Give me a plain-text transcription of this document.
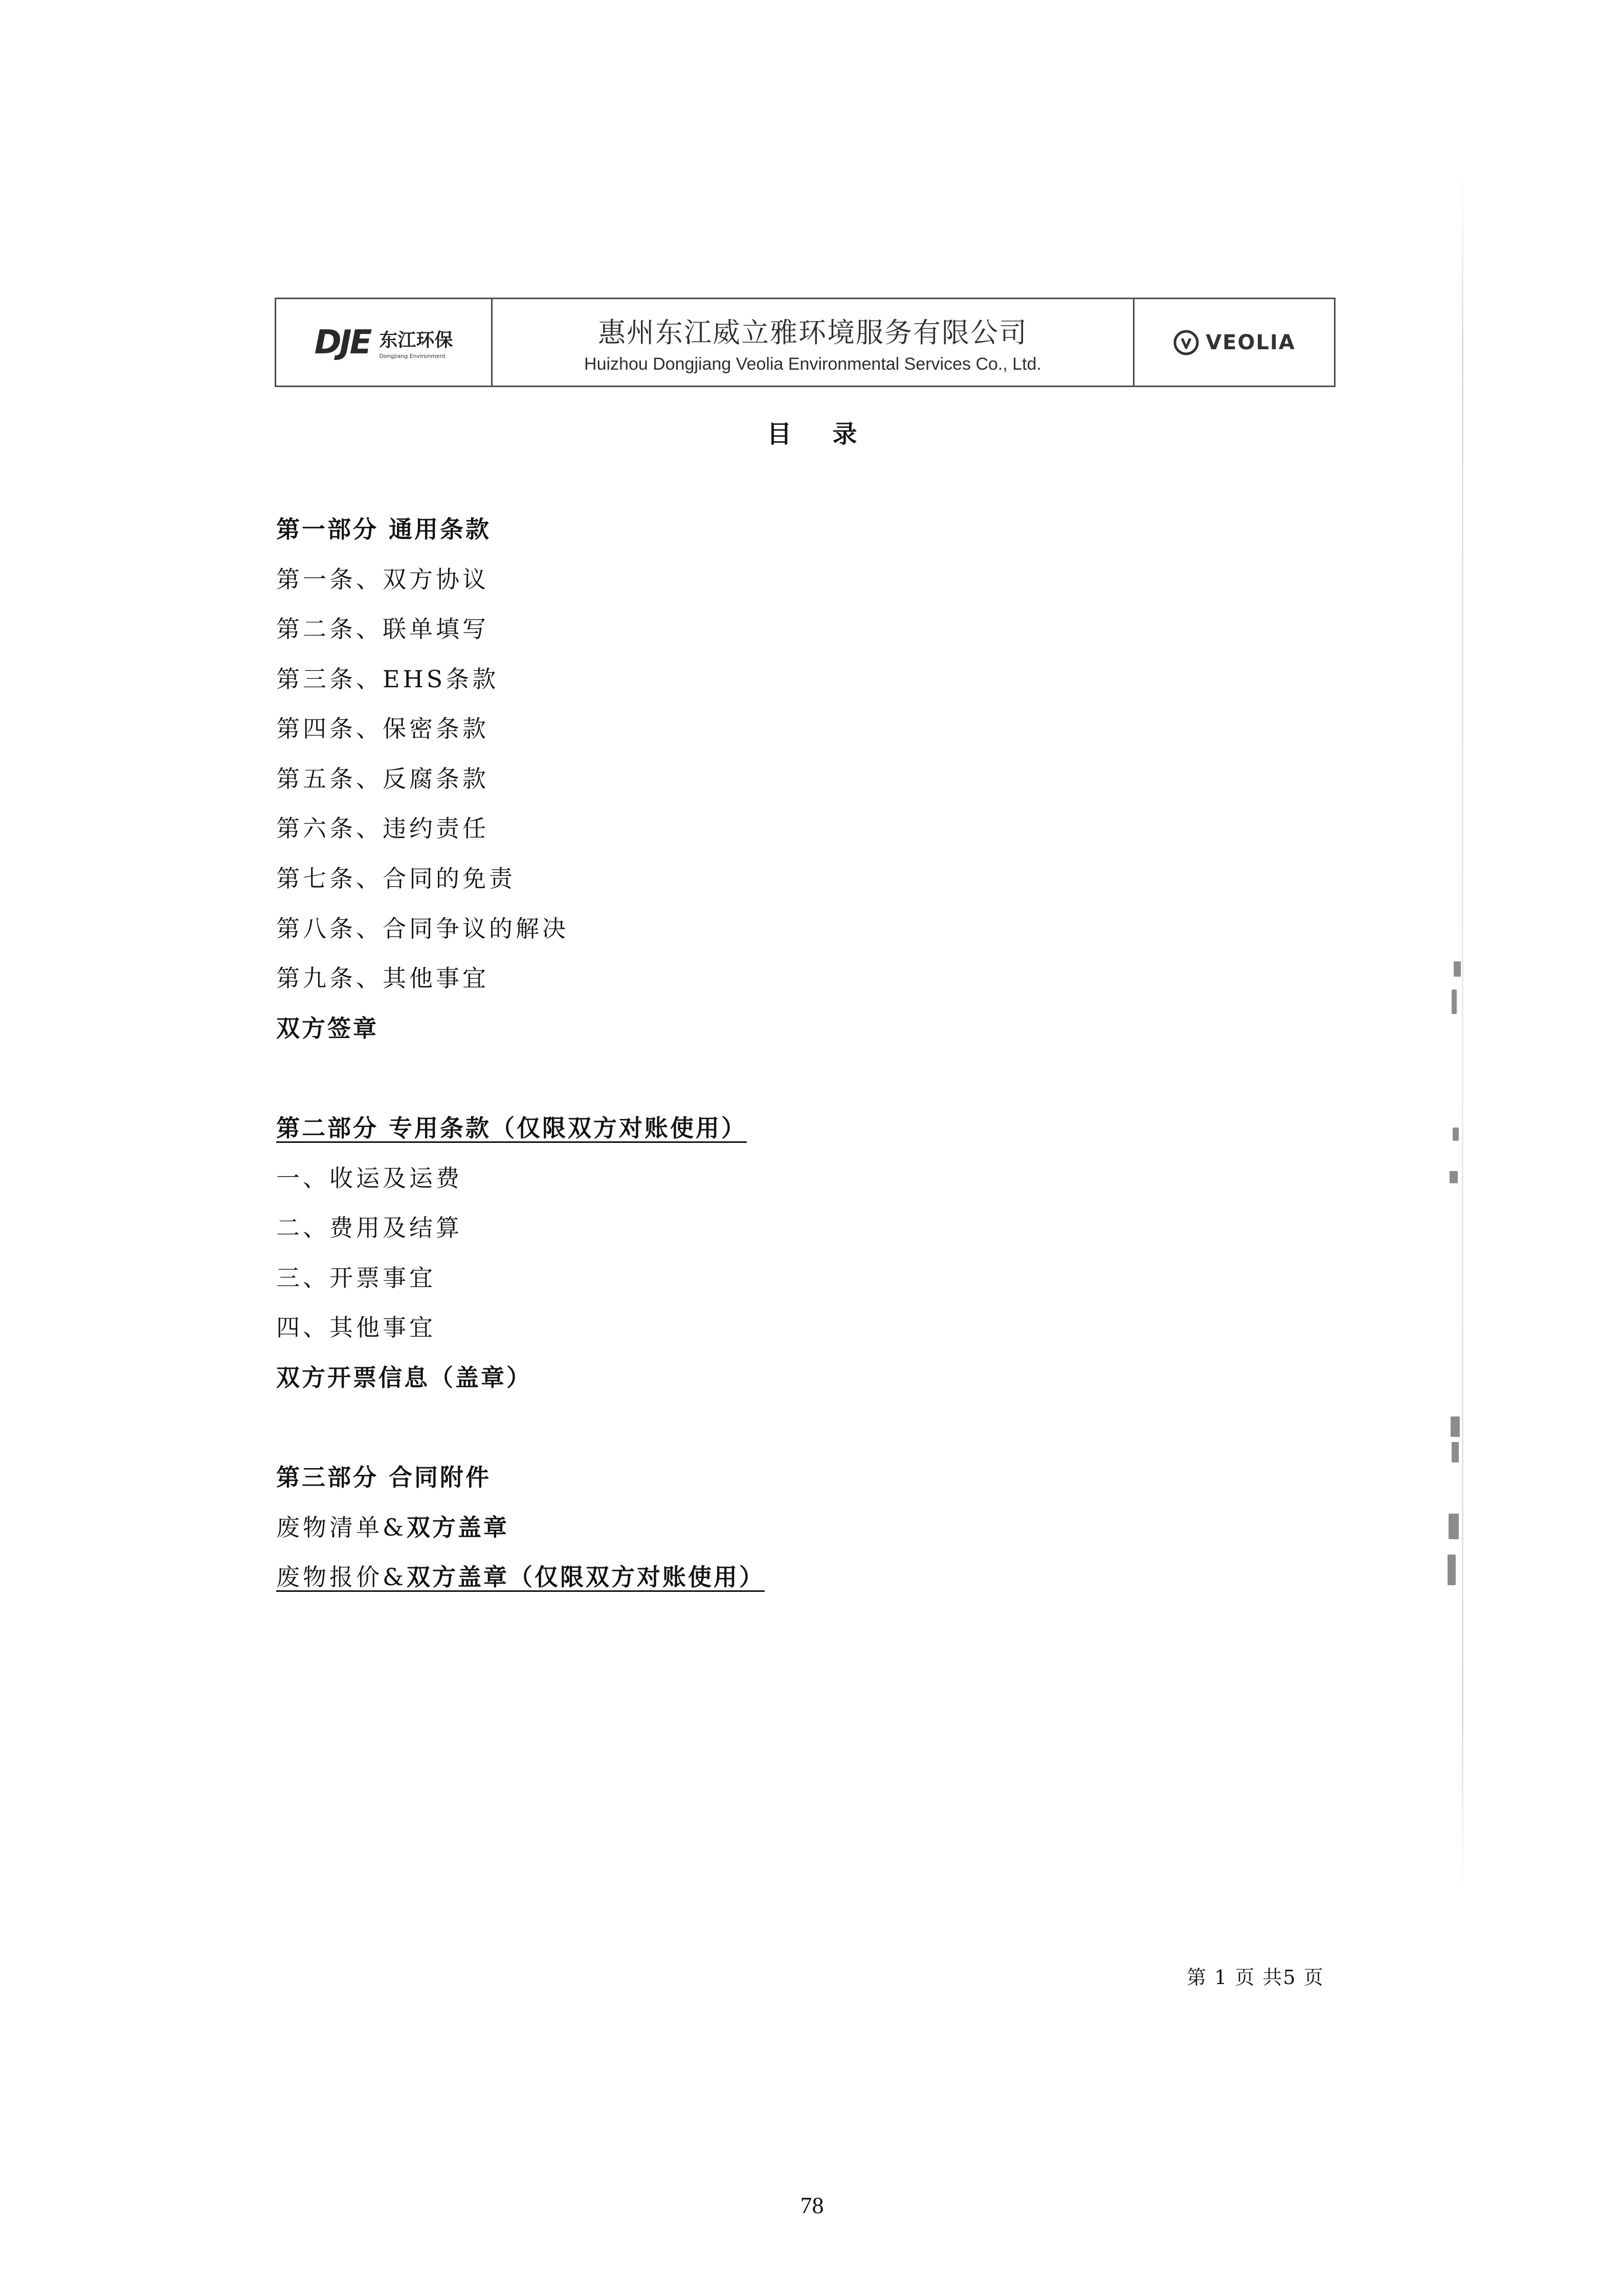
DJE 东江环保
Dongjiang Environment
惠州东江威立雅环境服务有限公司
Huizhou Dongjiang Veolia Environmental Services Co., Ltd.
VEOLIA
目录
第一部分 通用条款
第一条、双方协议
第二条、联单填写
第三条、EHS条款
第四条、保密条款
第五条、反腐条款
第六条、违约责任
第七条、合同的免责
第八条、合同争议的解决
第九条、其他事宜
双方签章
第二部分 专用条款（仅限双方对账使用）
一、收运及运费
二、费用及结算
三、开票事宜
四、其他事宜
双方开票信息（盖章）
第三部分 合同附件
废物清单&双方盖章
废物报价&双方盖章（仅限双方对账使用）
第 1 页 共5 页
78
